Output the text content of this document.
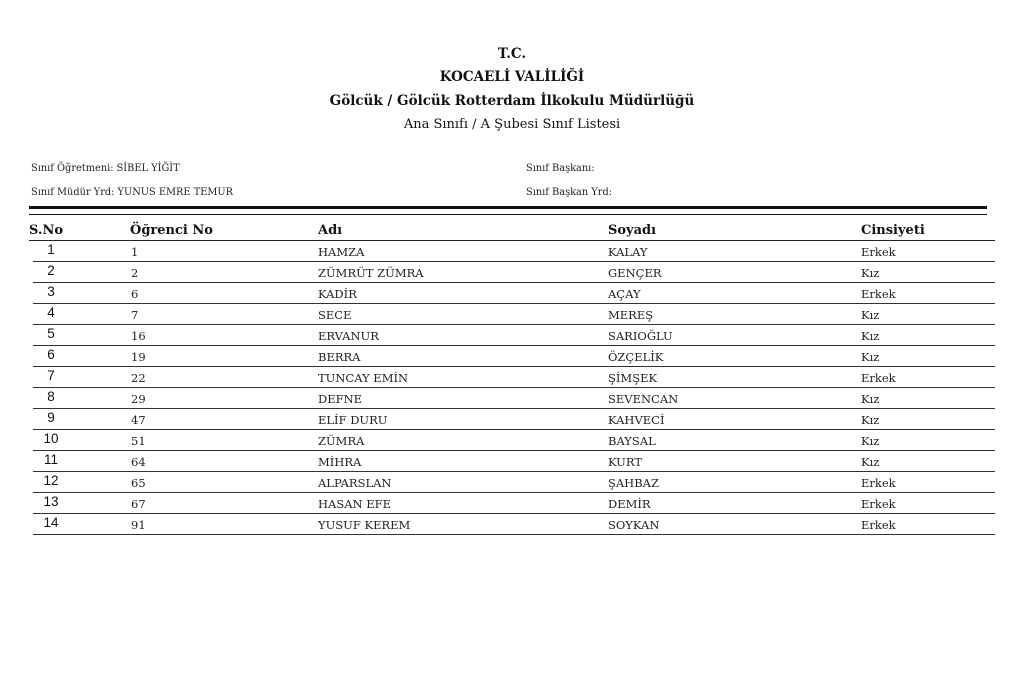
T.C.
KOCAELİ VALİLİĞİ
Gölcük / Gölcük Rotterdam İlkokulu Müdürlüğü
Ana Sınıfı / A Şubesi Sınıf Listesi
Sınıf Öğretmeni: SİBEL YİĞİT
Sınıf Müdür Yrd: YUNUS EMRE TEMUR
Sınıf Başkanı:
Sınıf Başkan Yrd:
S.No	Öğrenci No	Adı	Soyadı	Cinsiyeti
1	1	HAMZA	KALAY	Erkek
2	2	ZÜMRÜT ZÜMRA	GENÇER	Kız
3	6	KADİR	AÇAY	Erkek
4	7	SECE	MEREŞ	Kız
5	16	ERVANUR	SARIOĞLU	Kız
6	19	BERRA	ÖZÇELİK	Kız
7	22	TUNCAY EMİN	ŞİMŞEK	Erkek
8	29	DEFNE	SEVENCAN	Kız
9	47	ELİF DURU	KAHVECİ	Kız
10	51	ZÜMRA	BAYSAL	Kız
11	64	MİHRA	KURT	Kız
12	65	ALPARSLAN	ŞAHBAZ	Erkek
13	67	HASAN EFE	DEMİR	Erkek
14	91	YUSUF KEREM	SOYKAN	Erkek
